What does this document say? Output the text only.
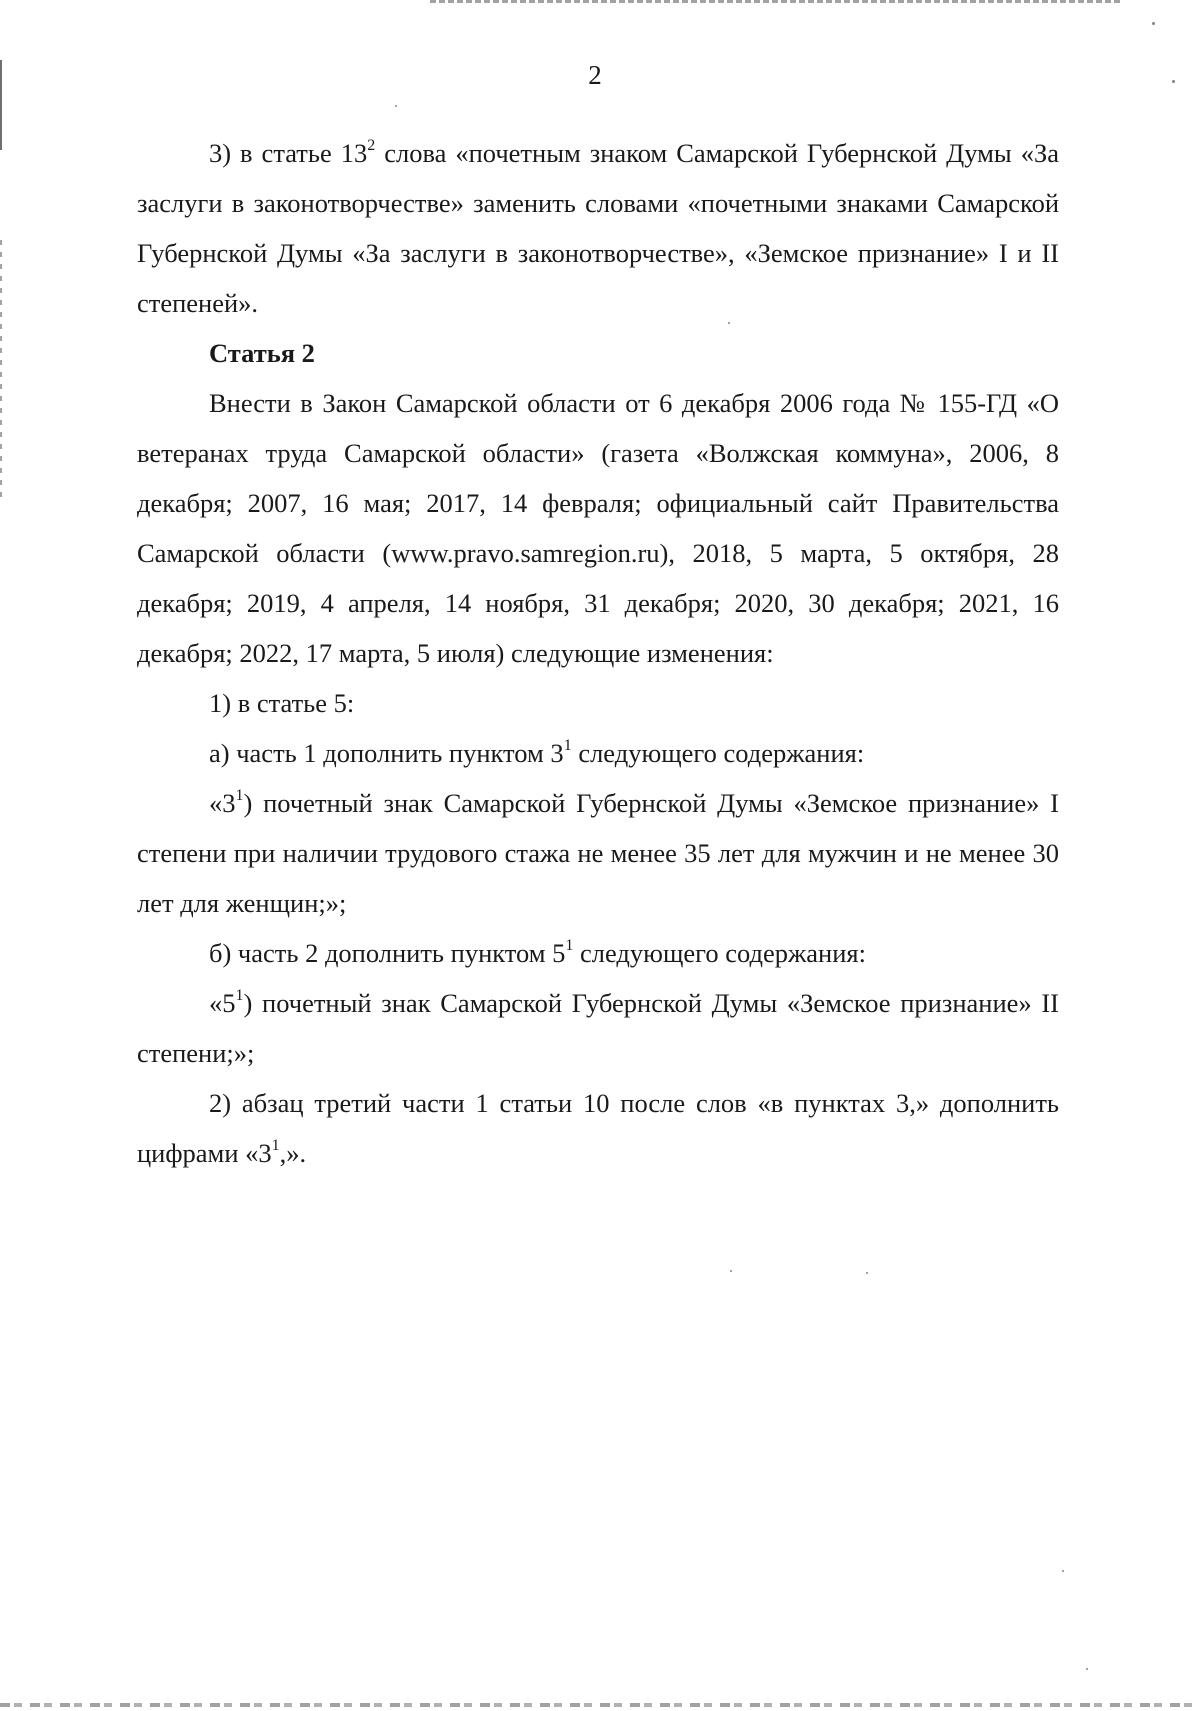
2

3) в статье $13^2$ слова «почетным знаком Самарской Губернской Думы «За заслуги в законотворчестве» заменить словами «почетными знаками Самарской Губернской Думы «За заслуги в законотворчестве», «Земское признание» I и II степеней».

Статья 2

Внести в Закон Самарской области от 6 декабря 2006 года № 155-ГД «О ветеранах труда Самарской области» (газета «Волжская коммуна», 2006, 8 декабря; 2007, 16 мая; 2017, 14 февраля; официальный сайт Правительства Самарской области (www.pravo.samregion.ru), 2018, 5 марта, 5 октября, 28 декабря; 2019, 4 апреля, 14 ноября, 31 декабря; 2020, 30 декабря; 2021, 16 декабря; 2022, 17 марта, 5 июля) следующие изменения:

1) в статье 5:

а) часть 1 дополнить пунктом $3^1$ следующего содержания:

«$3^1$) почетный знак Самарской Губернской Думы «Земское признание» I степени при наличии трудового стажа не менее 35 лет для мужчин и не менее 30 лет для женщин;»;

б) часть 2 дополнить пунктом $5^1$ следующего содержания:

«$5^1$) почетный знак Самарской Губернской Думы «Земское признание» II степени;»;

2) абзац третий части 1 статьи 10 после слов «в пунктах 3,» дополнить цифрами «$3^1$,».
